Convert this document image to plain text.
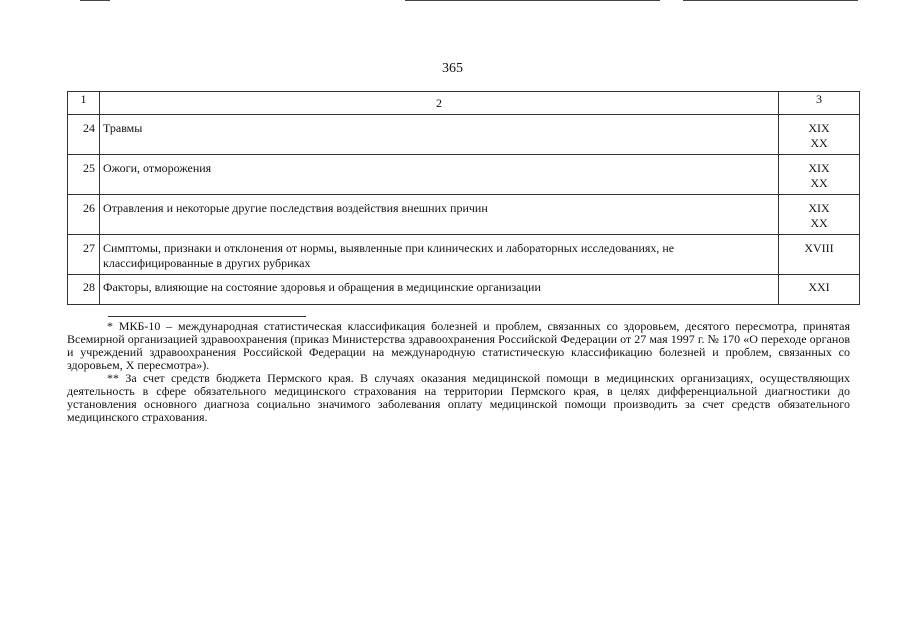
365
1	2	3
24	Травмы	XIX
XX

25	Ожоги, отморожения	XIX
XX

26	Отравления и некоторые другие последствия воздействия внешних причин	XIX
XX

27	Симптомы, признаки и отклонения от нормы, выявленные при клинических и лабораторных исследованиях, не классифицированные в других рубриках	XVIII

28	Факторы, влияющие на состояние здоровья и обращения в медицинские организации	XXI

* МКБ-10 – международная статистическая классификация болезней и проблем, связанных со здоровьем, десятого пересмотра, принятая Всемирной организацией здравоохранения (приказ Министерства здравоохранения Российской Федерации от 27 мая 1997 г. № 170 «О переходе органов и учреждений здравоохранения Российской Федерации на международную статистическую классификацию болезней и проблем, связанных со здоровьем, X пересмотра»).

** За счет средств бюджета Пермского края. В случаях оказания медицинской помощи в медицинских организациях, осуществляющих деятельность в сфере обязательного медицинского страхования на территории Пермского края, в целях дифференциальной диагностики до установления основного диагноза социально значимого заболевания оплату медицинской помощи производить за счет средств обязательного медицинского страхования.
